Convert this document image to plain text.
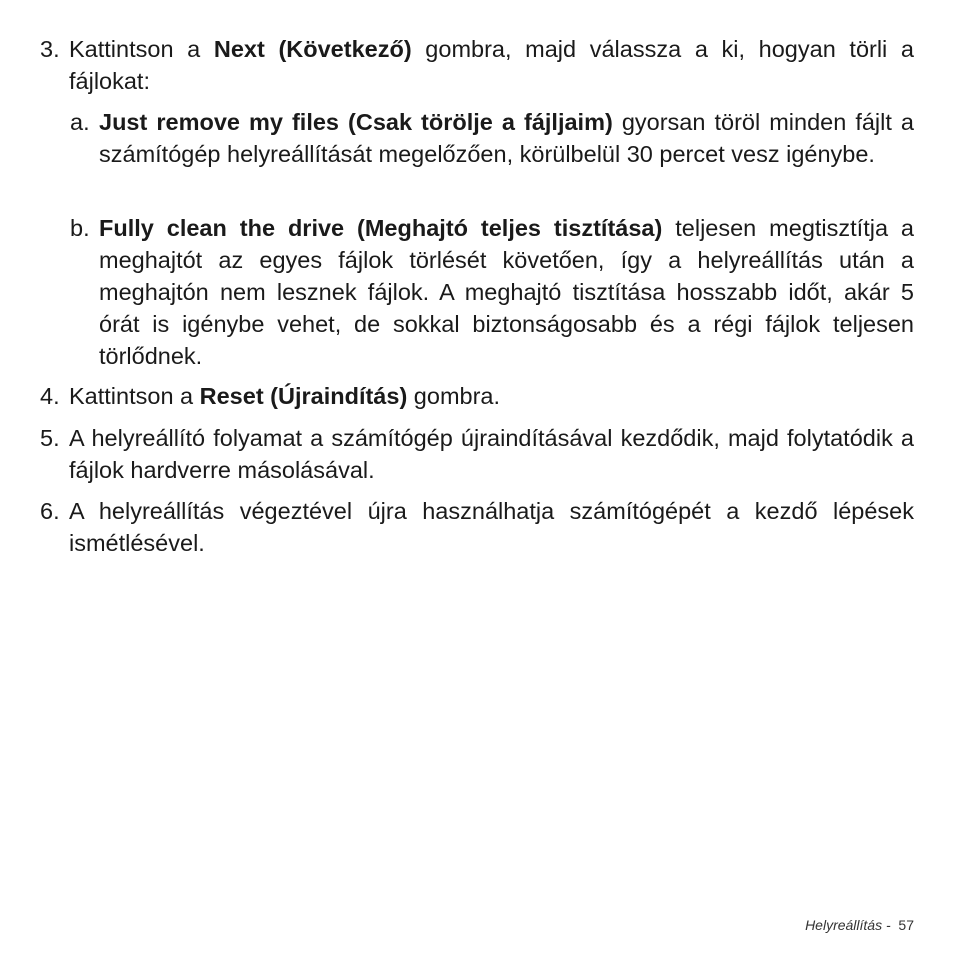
3. Kattintson a Next (Következő) gombra, majd válassza a ki, hogyan törli a fájlokat:
a. Just remove my files (Csak törölje a fájljaim) gyorsan töröl minden fájlt a számítógép helyreállítását megelőzően, körülbelül 30 percet vesz igénybe.
b. Fully clean the drive (Meghajtó teljes tisztítása) teljesen megtisztítja a meghajtót az egyes fájlok törlését követően, így a helyreállítás után a meghajtón nem lesznek fájlok. A meghajtó tisztítása hosszabb időt, akár 5 órát is igénybe vehet, de sokkal biztonságosabb és a régi fájlok teljesen törlődnek.
4. Kattintson a Reset (Újraindítás) gombra.
5. A helyreállító folyamat a számítógép újraindításával kezdődik, majd folytatódik a fájlok hardverre másolásával.
6. A helyreállítás végeztével újra használhatja számítógépét a kezdő lépések ismétlésével.
Helyreállítás -  57
